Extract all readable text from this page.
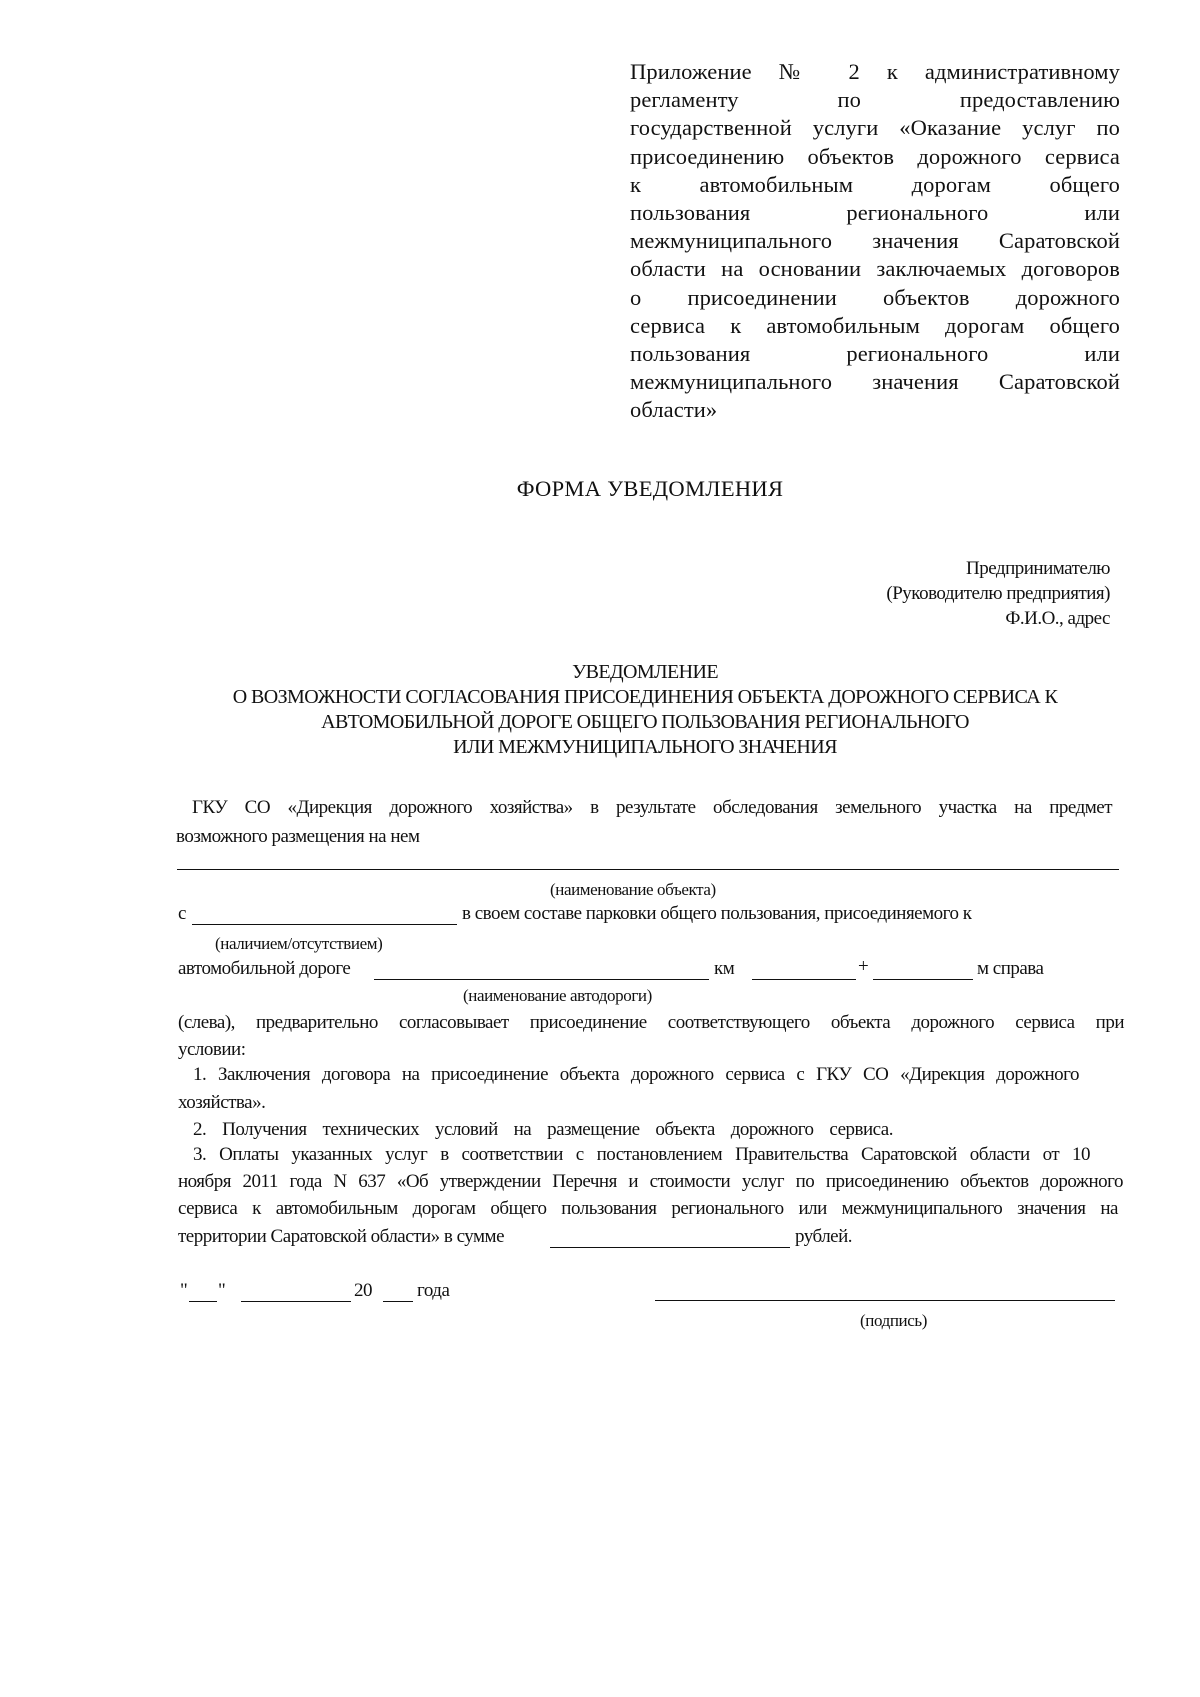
Приложение № 2 к административному
регламенту по предоставлению
государственной услуги «Оказание услуг по
присоединению объектов дорожного сервиса
к автомобильным дорогам общего
пользования регионального или
межмуниципального значения Саратовской
области на основании заключаемых договоров
о присоединении объектов дорожного
сервиса к автомобильным дорогам общего
пользования регионального или
межмуниципального значения Саратовской
области»
ФОРМА УВЕДОМЛЕНИЯ
Предпринимателю
(Руководителю предприятия)
Ф.И.О., адрес
УВЕДОМЛЕНИЕ
О ВОЗМОЖНОСТИ СОГЛАСОВАНИЯ ПРИСОЕДИНЕНИЯ ОБЪЕКТА ДОРОЖНОГО СЕРВИСА К
АВТОМОБИЛЬНОЙ ДОРОГЕ ОБЩЕГО ПОЛЬЗОВАНИЯ РЕГИОНАЛЬНОГО
ИЛИ МЕЖМУНИЦИПАЛЬНОГО ЗНАЧЕНИЯ
ГКУ СО «Дирекция дорожного хозяйства» в результате обследования земельного участка на предмет
возможного размещения на нем
(наименование объекта)
с	в своем составе парковки общего пользования, присоединяемого к
(наличием/отсутствием)
автомобильной дороге	км	+	м справа
(наименование автодороги)
(слева), предварительно согласовывает присоединение соответствующего объекта дорожного сервиса при
условии:
1. Заключения договора на присоединение объекта дорожного сервиса с ГКУ СО «Дирекция дорожного
хозяйства».
2. Получения технических условий на размещение объекта дорожного сервиса.
3. Оплаты указанных услуг в соответствии с постановлением Правительства Саратовской области от 10
ноября 2011 года N 637 «Об утверждении Перечня и стоимости услуг по присоединению объектов дорожного
сервиса к автомобильным дорогам общего пользования регионального или межмуниципального значения на
территории Саратовской области» в сумме	рублей.
" "	20 года
(подпись)
